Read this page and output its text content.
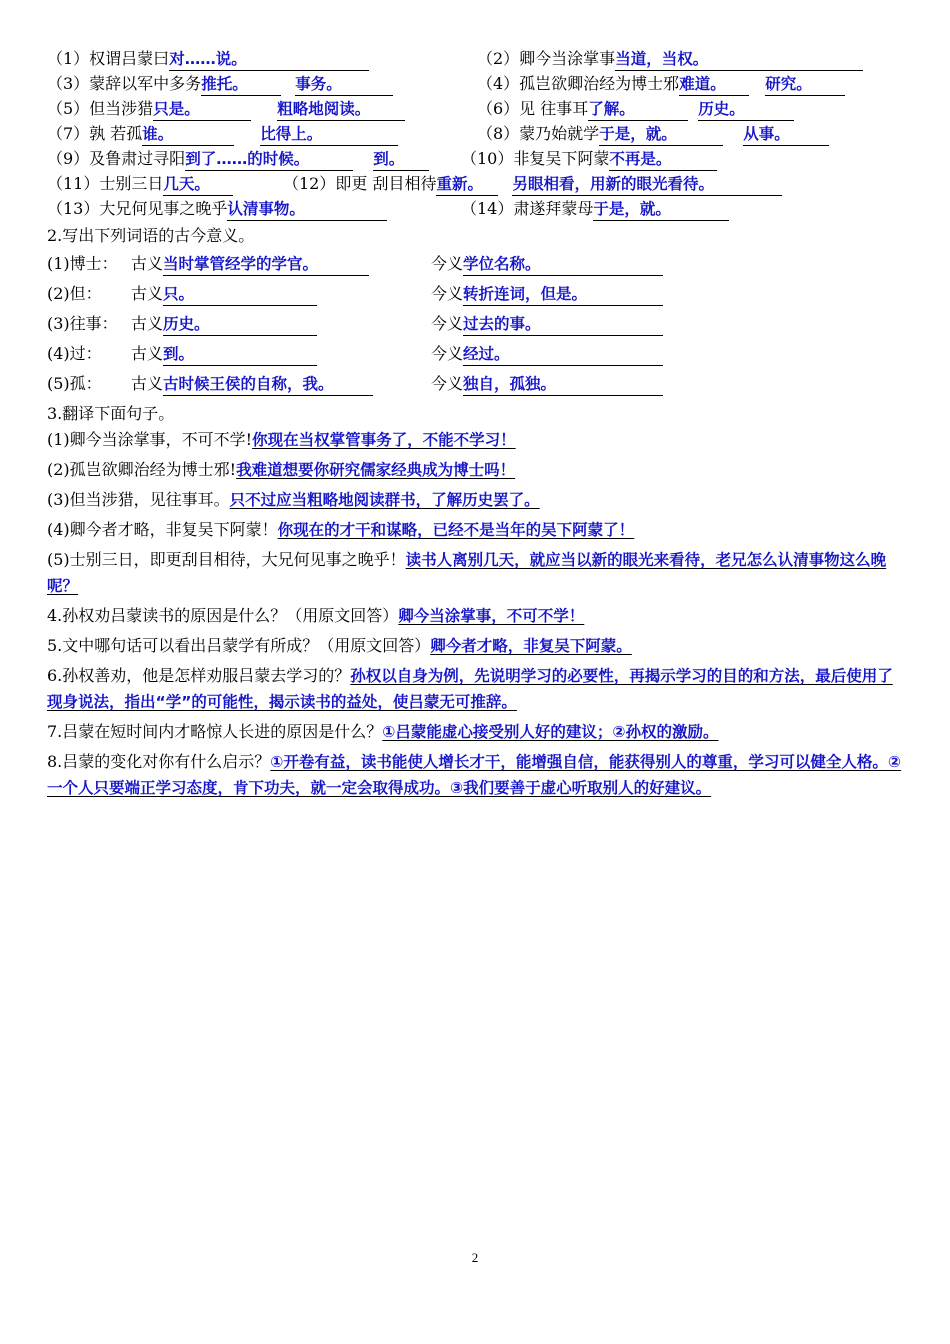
（1）权谓吕蒙曰对……说。	（2）卿今当涂掌事当道，当权。
（3）蒙辞以军中多务推托。	事务。	（4）孤岂欲卿治经为博士邪难道。	研究。
（5）但当涉猎只是。	粗略地阅读。	（6）见 往事耳了解。	历史。
（7）孰 若孤谁。	比得上。	（8）蒙乃始就学于是，就。	从事。
（9）及鲁肃过寻阳到了……的时候。	到。	（10）非复吴下阿蒙不再是。
（11）士别三日几天。	（12）即更 刮目相待重新。 另眼相看，用新的眼光看待。
（13）大兄何见事之晚乎认清事物。	（14）肃遂拜蒙母于是，就。
2.写出下列词语的古今意义。
(1)博士： 古义当时掌管经学的学官。	今义学位名称。
(2)但： 古义只。	今义转折连词，但是。
(3)往事： 古义历史。	今义过去的事。
(4)过： 古义到。	今义经过。
(5)孤： 古义古时候王侯的自称，我。	今义独自，孤独。
3.翻译下面句子。
(1)卿今当涂掌事，不可不学!你现在当权掌管事务了，不能不学习！
(2)孤岂欲卿治经为博士邪!我难道想要你研究儒家经典成为博士吗！
(3)但当涉猎，见往事耳。只不过应当粗略地阅读群书，了解历史罢了。
(4)卿今者才略，非复吴下阿蒙！你现在的才干和谋略，已经不是当年的吴下阿蒙了！
(5)士别三日，即更刮目相待，大兄何见事之晚乎！读书人离别几天，就应当以新的眼光来看待，老兄怎么认清事物这么晚呢？
4.孙权劝吕蒙读书的原因是什么？（用原文回答）卿今当涂掌事，不可不学！
5.文中哪句话可以看出吕蒙学有所成？（用原文回答）卿今者才略，非复吴下阿蒙。
6.孙权善劝，他是怎样劝服吕蒙去学习的？孙权以自身为例，先说明学习的必要性，再揭示学习的目的和方法，最后使用了现身说法，指出“学”的可能性，揭示读书的益处，使吕蒙无可推辞。
7.吕蒙在短时间内才略惊人长进的原因是什么？①吕蒙能虚心接受别人好的建议；②孙权的激励。
8.吕蒙的变化对你有什么启示？①开卷有益，读书能使人增长才干，能增强自信，能获得别人的尊重，学习可以健全人格。②一个人只要端正学习态度，肯下功夫，就一定会取得成功。③我们要善于虚心听取别人的好建议。
2
